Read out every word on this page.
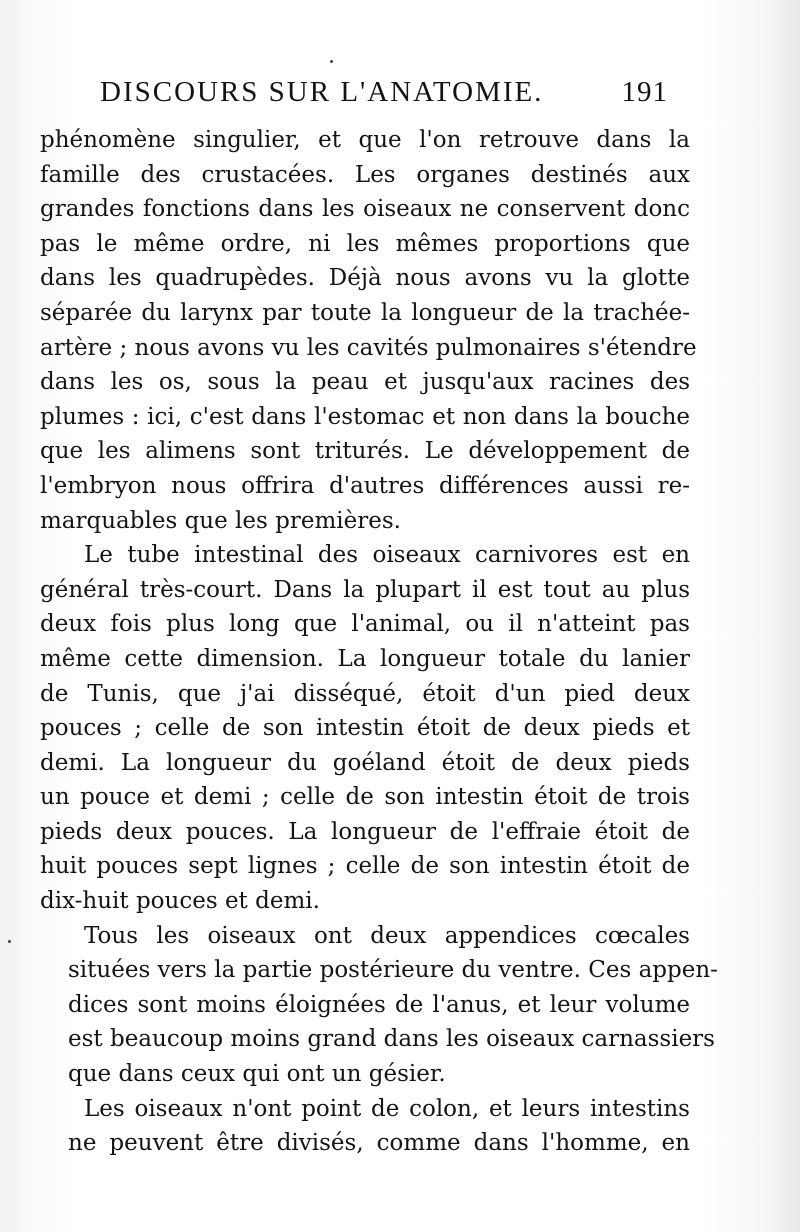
DISCOURS SUR L'ANATOMIE.	191
phénomène singulier, et que l'on retrouve dans la
famille des crustacées. Les organes destinés aux
grandes fonctions dans les oiseaux ne conservent donc
pas le même ordre, ni les mêmes proportions que
dans les quadrupèdes. Déjà nous avons vu la glotte
séparée du larynx par toute la longueur de la trachée-
artère ; nous avons vu les cavités pulmonaires s'étendre
dans les os, sous la peau et jusqu'aux racines des
plumes : ici, c'est dans l'estomac et non dans la bouche
que les alimens sont triturés. Le développement de
l'embryon nous offrira d'autres différences aussi re-
marquables que les premières.
Le tube intestinal des oiseaux carnivores est en
général très-court. Dans la plupart il est tout au plus
deux fois plus long que l'animal, ou il n'atteint pas
même cette dimension. La longueur totale du lanier
de Tunis, que j'ai disséqué, étoit d'un pied deux
pouces ; celle de son intestin étoit de deux pieds et
demi. La longueur du goéland étoit de deux pieds
un pouce et demi ; celle de son intestin étoit de trois
pieds deux pouces. La longueur de l'effraie étoit de
huit pouces sept lignes ; celle de son intestin étoit de
dix-huit pouces et demi.
Tous les oiseaux ont deux appendices cœcales
situées vers la partie postérieure du ventre. Ces appen-
dices sont moins éloignées de l'anus, et leur volume
est beaucoup moins grand dans les oiseaux carnassiers
que dans ceux qui ont un gésier.
Les oiseaux n'ont point de colon, et leurs intestins
ne peuvent être divisés, comme dans l'homme, en
